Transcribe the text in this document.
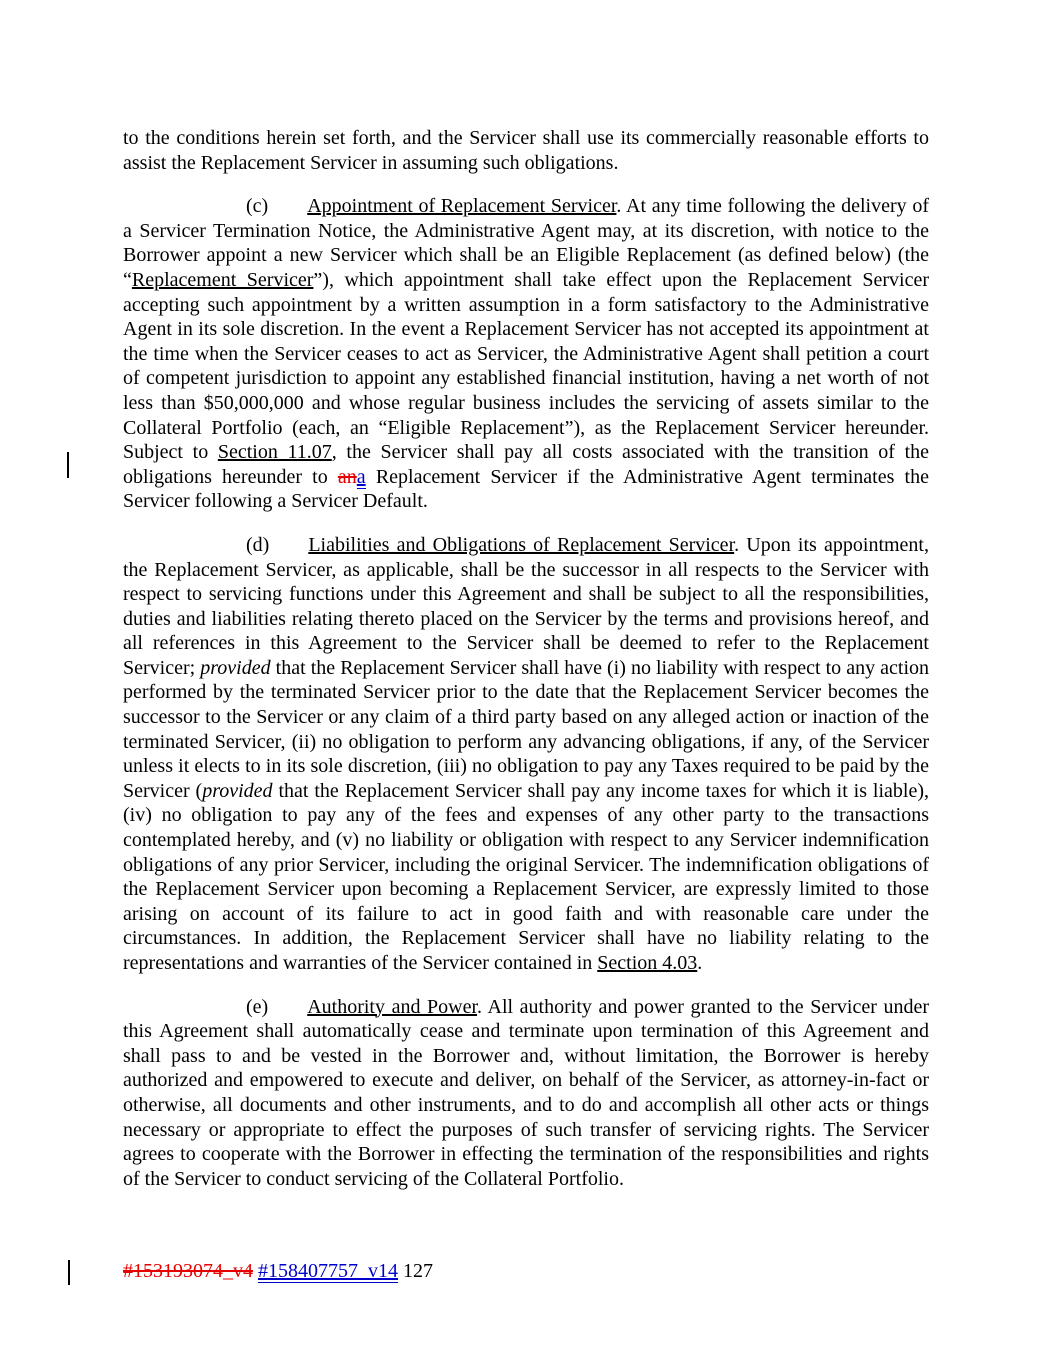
to the conditions herein set forth, and the Servicer shall use its commercially reasonable efforts to assist the Replacement Servicer in assuming such obligations.

(c) Appointment of Replacement Servicer. At any time following the delivery of a Servicer Termination Notice, the Administrative Agent may, at its discretion, with notice to the Borrower appoint a new Servicer which shall be an Eligible Replacement (as defined below) (the “Replacement Servicer”), which appointment shall take effect upon the Replacement Servicer accepting such appointment by a written assumption in a form satisfactory to the Administrative Agent in its sole discretion. In the event a Replacement Servicer has not accepted its appointment at the time when the Servicer ceases to act as Servicer, the Administrative Agent shall petition a court of competent jurisdiction to appoint any established financial institution, having a net worth of not less than $50,000,000 and whose regular business includes the servicing of assets similar to the Collateral Portfolio (each, an “Eligible Replacement”), as the Replacement Servicer hereunder. Subject to Section 11.07, the Servicer shall pay all costs associated with the transition of the obligations hereunder to ana Replacement Servicer if the Administrative Agent terminates the Servicer following a Servicer Default.

(d) Liabilities and Obligations of Replacement Servicer. Upon its appointment, the Replacement Servicer, as applicable, shall be the successor in all respects to the Servicer with respect to servicing functions under this Agreement and shall be subject to all the responsibilities, duties and liabilities relating thereto placed on the Servicer by the terms and provisions hereof, and all references in this Agreement to the Servicer shall be deemed to refer to the Replacement Servicer; provided that the Replacement Servicer shall have (i) no liability with respect to any action performed by the terminated Servicer prior to the date that the Replacement Servicer becomes the successor to the Servicer or any claim of a third party based on any alleged action or inaction of the terminated Servicer, (ii) no obligation to perform any advancing obligations, if any, of the Servicer unless it elects to in its sole discretion, (iii) no obligation to pay any Taxes required to be paid by the Servicer (provided that the Replacement Servicer shall pay any income taxes for which it is liable), (iv) no obligation to pay any of the fees and expenses of any other party to the transactions contemplated hereby, and (v) no liability or obligation with respect to any Servicer indemnification obligations of any prior Servicer, including the original Servicer. The indemnification obligations of the Replacement Servicer upon becoming a Replacement Servicer, are expressly limited to those arising on account of its failure to act in good faith and with reasonable care under the circumstances. In addition, the Replacement Servicer shall have no liability relating to the representations and warranties of the Servicer contained in Section 4.03.

(e) Authority and Power. All authority and power granted to the Servicer under this Agreement shall automatically cease and terminate upon termination of this Agreement and shall pass to and be vested in the Borrower and, without limitation, the Borrower is hereby authorized and empowered to execute and deliver, on behalf of the Servicer, as attorney-in-fact or otherwise, all documents and other instruments, and to do and accomplish all other acts or things necessary or appropriate to effect the purposes of such transfer of servicing rights. The Servicer agrees to cooperate with the Borrower in effecting the termination of the responsibilities and rights of the Servicer to conduct servicing of the Collateral Portfolio.

#153193074_v4 #158407757_v14 127
